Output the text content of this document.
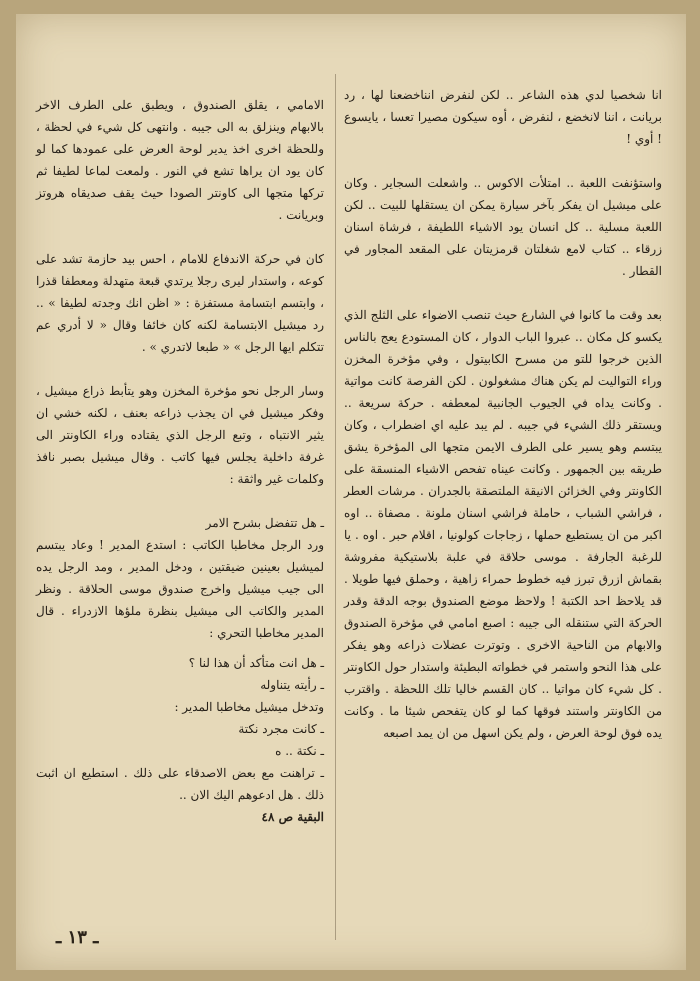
انا شخصيا لدي هذه الشاعر .. لكن لنفرض انناخضعنا لها ، رد بريانت ، اننا لانخضع ، لنفرض ، أوه سيكون مصيرا تعسا ، يايسوع ! أوي !

واستؤنفت اللعبة .. امتلأت الاكوس .. واشعلت السجاير . وكان على ميشيل ان يفكر بآخر سيارة يمكن ان يستقلها للبيت .. لكن اللعبة مسلية .. كل انسان يود الاشياء اللطيفة ، فرشاة اسنان زرقاء .. كتاب لامع شغلتان قرمزيتان على المقعد المجاور في القطار .

بعد وقت ما كانوا في الشارع حيث تنصب الاضواء على الثلج الذي يكسو كل مكان .. عبروا الباب الدوار ، كان المستودع يعج بالناس الذين خرجوا للتو من مسرح الكابيتول ، وفي مؤخرة المخزن وراء التواليت لم يكن هناك مشغولون . لكن الفرصة كانت مواتية . وكانت يداه في الجيوب الجانبية لمعطفه . حركة سريعة .. ويستقر ذلك الشيء في جيبه . لم يبد عليه اي اضطراب ، وكان يبتسم وهو يسير على الطرف الايمن متجها الى المؤخرة يشق طريقه بين الجمهور . وكانت عيناه تفحص الاشياء المنسقة على الكاونتر وفي الخزائن الانيقة الملتصقة بالجدران . مرشات العطر ، فراشي الشباب ، حاملة فراشي اسنان ملونة . مصفاة .. اوه اكبر من ان يستطيع حملها ، زجاجات كولونيا ، اقلام حبر . اوه . يا للرغبة الجارفة . موسى حلاقة في علبة بلاستيكية مفروشة بقماش ازرق تبرز فيه خطوط حمراء زاهية ، وحملق فيها طويلا . قد يلاحظ احد الكتبة ! ولاحظ موضع الصندوق بوجه الدقة وقدر الحركة التي ستنقله الى جيبه : اصبع امامي في مؤخرة الصندوق والابهام من الناحية الاخرى . وتوترت عضلات ذراعه وهو يفكر على هذا النحو واستمر في خطواته البطيئة واستدار حول الكاونتر . كل شيء كان مواتيا .. كان القسم خاليا تلك اللحظة . واقترب من الكاونتر واستند فوقها كما لو كان يتفحص شيئا ما . وكانت يده فوق لوحة العرض ، ولم يكن اسهل من ان يمد اصبعه

الامامي ، يقلق الصندوق ، ويطبق على الطرف الاخر بالابهام وينزلق به الى جيبه . وانتهى كل شيء في لحظة ، وللحظة اخرى اخذ يدير لوحة العرض على عمودها كما لو كان يود ان يراها تشع في النور . ولمعت لماعا لطيفا ثم تركها متجها الى كاونتر الصودا حيث يقف صديقاه هروتز وبريانت .

كان في حركة الاندفاع للامام ، احس بيد حازمة تشد على كوعه ، واستدار ليرى رجلا يرتدي قبعة متهدلة ومعطفا قذرا ، وابتسم ابتسامة مستفزة : « اظن انك وجدته لطيفا » .. رد ميشيل الابتسامة لكنه كان خائفا وقال « لا أدري عم تتكلم ايها الرجل » « طبعا لاتدري » .

وسار الرجل نحو مؤخرة المخزن وهو يتأبط ذراع ميشيل ، وفكر ميشيل في ان يجذب ذراعه بعنف ، لكنه خشي ان يثير الانتباه ، وتبع الرجل الذي يقتاده وراء الكاونتر الى غرفة داخلية يجلس فيها كاتب . وقال ميشيل بصبر نافذ وكلمات غير واثقة :

ـ هل تتفضل بشرح الامر

ورد الرجل مخاطبا الكاتب : استدع المدير ! وعاد يبتسم لميشيل بعينين ضيقتين ، ودخل المدير ، ومد الرجل يده الى جيب ميشيل واخرج صندوق موسى الحلاقة . ونظر المدير والكاتب الى ميشيل بنظرة ملؤها الازدراء . قال المدير مخاطبا التحري :

ـ هل انت متأكد أن هذا لنا ؟

ـ رأيته يتناوله

وتدخل ميشيل مخاطبا المدير :

ـ كانت مجرد نكتة

ـ نكتة .. ه

ـ تراهنت مع بعض الاصدقاء على ذلك . استطيع ان اثبت ذلك . هل ادعوهم اليك الان ..

البقية ص ٤٨
ـ ١٣ ـ
